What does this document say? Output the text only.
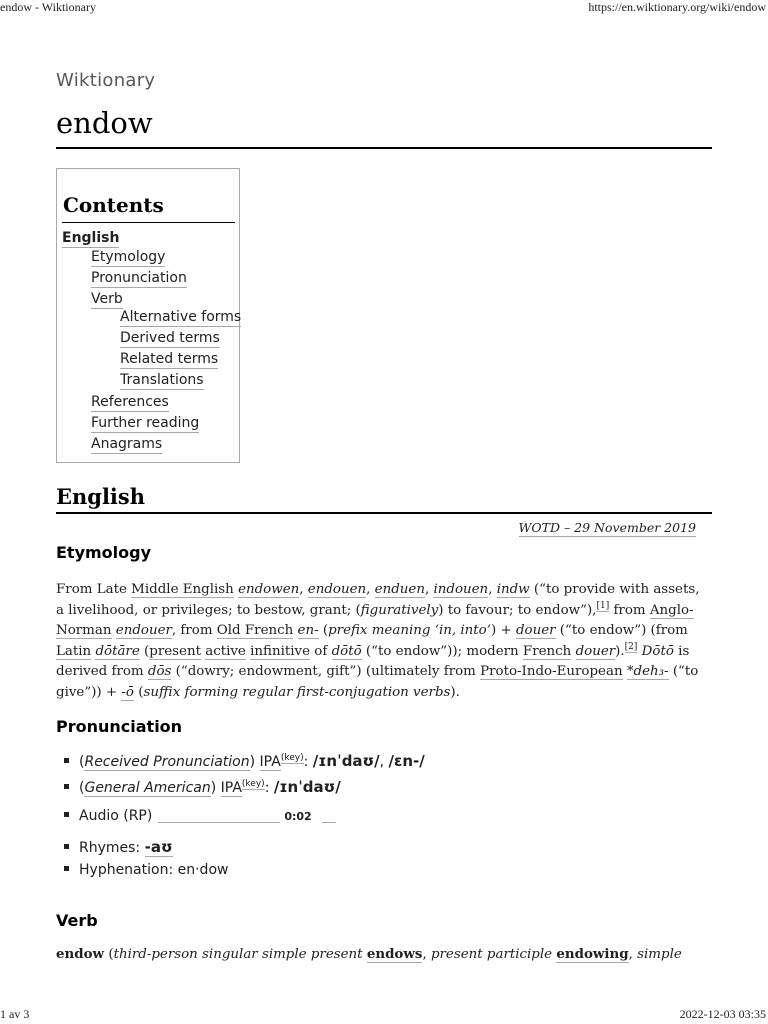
endow - Wiktionary	https://en.wiktionary.org/wiki/endow
Wiktionary
endow
Contents
English
Etymology
Pronunciation
Verb
Alternative forms
Derived terms
Related terms
Translations
References
Further reading
Anagrams
English
WOTD – 29 November 2019
Etymology
From Late Middle English endowen, endouen, enduen, indouen, indw (“to provide with assets,
a livelihood, or privileges; to bestow, grant; (figuratively) to favour; to endow”),[1] from Anglo-
Norman endouer, from Old French en- (prefix meaning ‘in, into’) + douer (“to endow”) (from
Latin dōtāre (present active infinitive of dōtō (“to endow”)); modern French douer).[2] Dōtō is
derived from dōs (“dowry; endowment, gift”) (ultimately from Proto-Indo-European *deh₃- (“to
give”)) + -ō (suffix forming regular first-conjugation verbs).
Pronunciation
(Received Pronunciation) $IPA^{(key)}$: /ɪnˈdaʊ/, /ɛn-/
(General American) $IPA^{(key)}$: /ɪnˈdaʊ/
Audio (RP)	0:02
Rhymes: -aʊ
Hyphenation: en‧dow
Verb
endow (third-person singular simple present endows, present participle endowing, simple
1 av 3	2022-12-03 03:35
